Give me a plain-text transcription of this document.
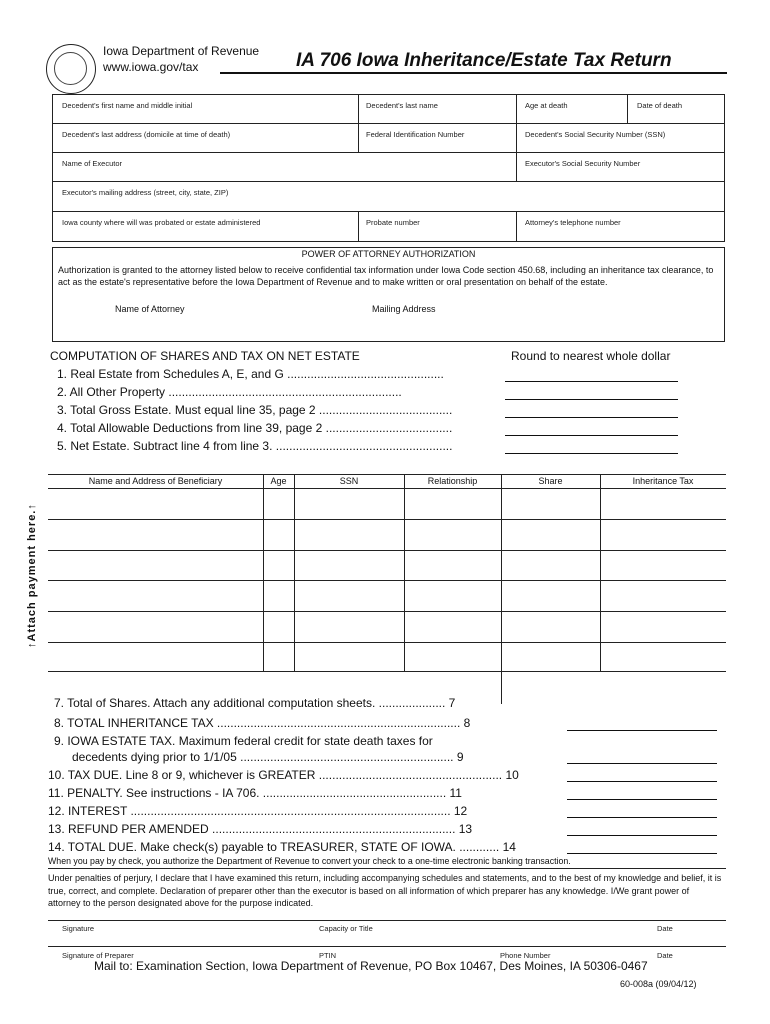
Iowa Department of Revenue
www.iowa.gov/tax	IA 706 Iowa Inheritance/Estate Tax Return
Decedent's first name and middle initial	Decedent's last name	Age at death	Date of death
Decedent's last address (domicile at time of death)	Federal Identification Number	Decedent's Social Security Number (SSN)
Name of Executor	Executor's Social Security Number
Executor's mailing address (street, city, state, ZIP)
Iowa county where will was probated or estate administered	Probate number	Attorney's telephone number
POWER OF ATTORNEY AUTHORIZATION
Authorization is granted to the attorney listed below to receive confidential tax information under Iowa Code section 450.68, including an inheritance tax clearance, to act as the estate's representative before the Iowa Department of Revenue and to make written or oral presentation on behalf of the estate.
Name of Attorney	Mailing Address
COMPUTATION OF SHARES AND TAX ON NET ESTATE	Round to nearest whole dollar
1. Real Estate from Schedules A, E, and G ...............................................
2. All Other Property ......................................................................
3. Total Gross Estate. Must equal line 35, page 2 ........................................
4. Total Allowable Deductions from line 39, page 2 ......................................
5. Net Estate. Subtract line 4 from line 3. .....................................................
Name and Address of Beneficiary	Age	SSN	Relationship	Share	Inheritance Tax
↑Attach payment here.↑
7. Total of Shares. Attach any additional computation sheets. .................... 7
8. TOTAL INHERITANCE TAX ......................................................................... 8
9. IOWA ESTATE TAX. Maximum federal credit for state death taxes for
decedents dying prior to 1/1/05 ................................................................ 9
10. TAX DUE. Line 8 or 9, whichever is GREATER ....................................................... 10
11. PENALTY. See instructions - IA 706. ....................................................... 11
12. INTEREST ................................................................................................ 12
13. REFUND PER AMENDED ......................................................................... 13
14. TOTAL DUE. Make check(s) payable to TREASURER, STATE OF IOWA. ............ 14
When you pay by check, you authorize the Department of Revenue to convert your check to a one-time electronic banking transaction.
Under penalties of perjury, I declare that I have examined this return, including accompanying schedules and statements, and to the best of my knowledge and belief, it is true, correct, and complete. Declaration of preparer other than the executor is based on all information of which preparer has any knowledge. I/We grant power of attorney to the person designated above for the purpose indicated.
Signature	Capacity or Title	Date
Signature of Preparer	PTIN	Phone Number	Date
Mail to: Examination Section, Iowa Department of Revenue, PO Box 10467, Des Moines, IA 50306-0467
60-008a (09/04/12)
